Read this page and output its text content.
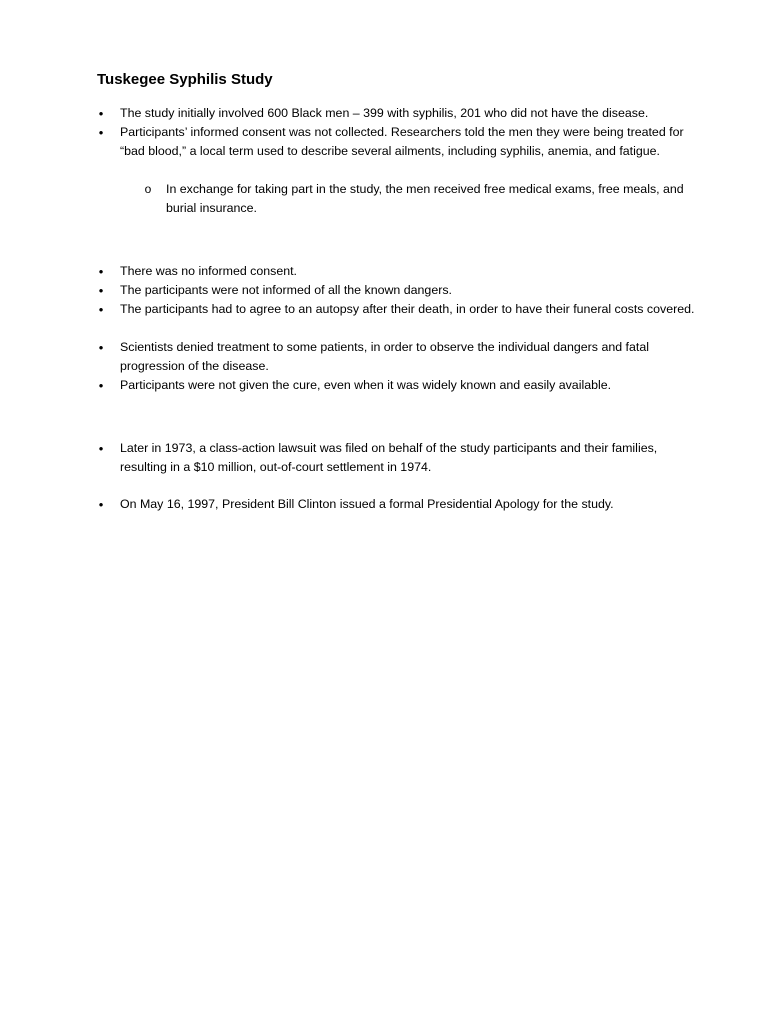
Tuskegee Syphilis Study
• The study initially involved 600 Black men – 399 with syphilis, 201 who did not have the disease.
• Participants’ informed consent was not collected. Researchers told the men they were being treated for “bad blood,” a local term used to describe several ailments, including syphilis, anemia, and fatigue.
o In exchange for taking part in the study, the men received free medical exams, free meals, and burial insurance.
• There was no informed consent.
• The participants were not informed of all the known dangers.
• The participants had to agree to an autopsy after their death, in order to have their funeral costs covered.
• Scientists denied treatment to some patients, in order to observe the individual dangers and fatal progression of the disease.
• Participants were not given the cure, even when it was widely known and easily available.
• Later in 1973, a class-action lawsuit was filed on behalf of the study participants and their families, resulting in a $10 million, out-of-court settlement in 1974.
• On May 16, 1997, President Bill Clinton issued a formal Presidential Apology for the study.
